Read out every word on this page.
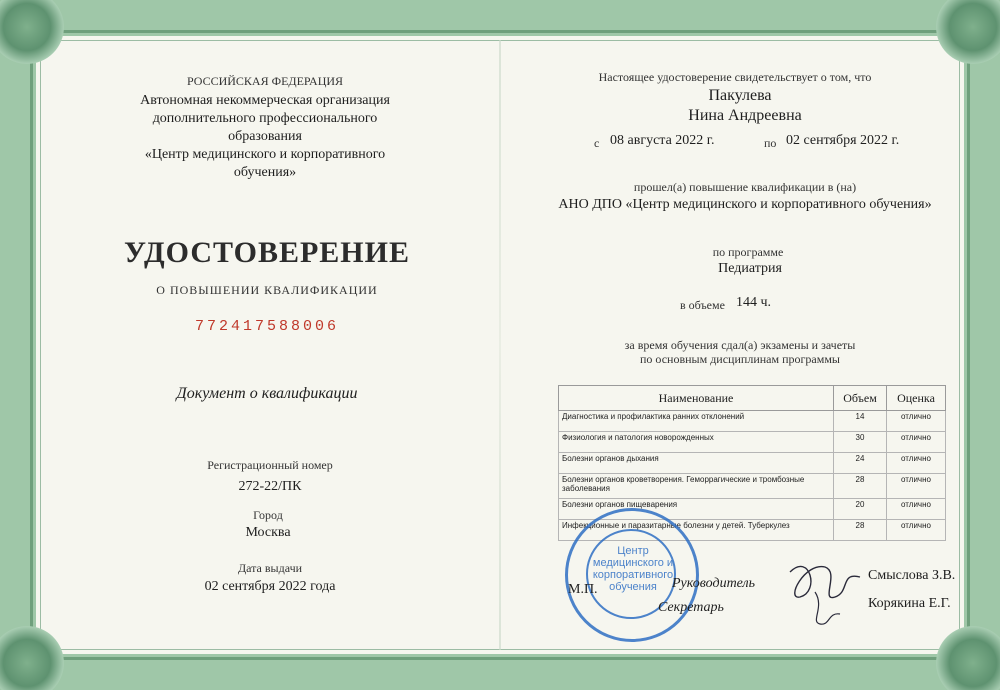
РОССИЙСКАЯ ФЕДЕРАЦИЯ
Автономная некоммерческая организация
дополнительного профессионального
образования
«Центр медицинского и корпоративного
обучения»
УДОСТОВЕРЕНИЕ
О ПОВЫШЕНИИ КВАЛИФИКАЦИИ
772417588006
Документ о квалификации
Регистрационный номер
272-22/ПК
Город
Москва
Дата выдачи
02 сентября 2022 года
Настоящее удостоверение свидетельствует о том, что
Пакулева
Нина Андреевна
с 08 августа 2022 г.	по 02 сентября 2022 г.
прошел(а) повышение квалификации в (на)
АНО ДПО «Центр медицинского и корпоративного обучения»
по программе
Педиатрия
в объеме 144 ч.
за время обучения сдал(а) экзамены и зачеты
по основным дисциплинам программы
Наименование	Объем	Оценка
Диагностика и профилактика ранних отклонений	14	отлично
Физиология и патология новорожденных	30	отлично
Болезни органов дыхания	24	отлично
Болезни органов кроветворения. Геморрагические и тромбозные заболевания	28	отлично
Болезни органов пищеварения	20	отлично
Инфекционные и паразитарные болезни у детей. Туберкулез	28	отлично
Центр медицинского и корпоративного обучения
М.П.	Руководитель
Секретарь
Смыслова З.В.
Корякина Е.Г.
